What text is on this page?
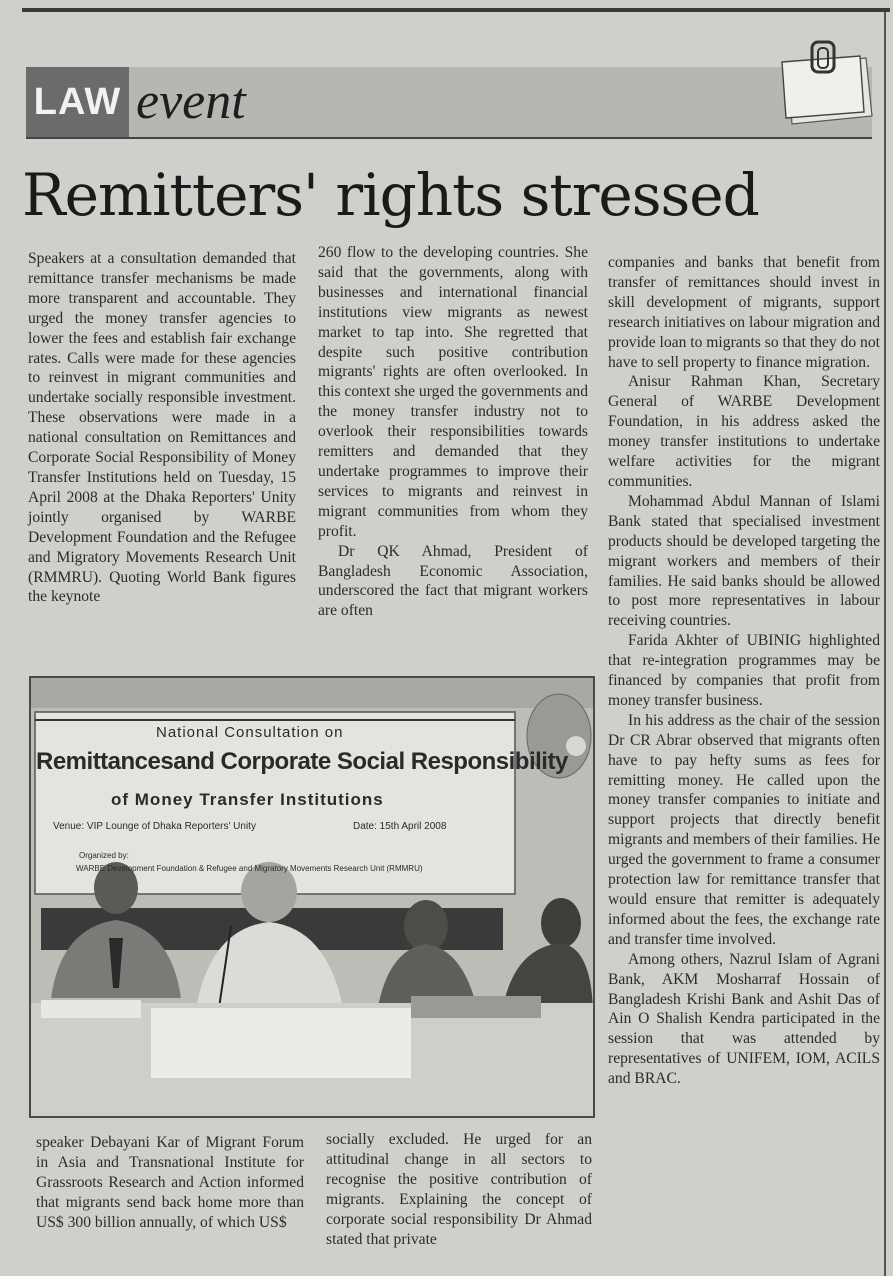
LAW event
Remitters' rights stressed

Speakers at a consultation demanded that remittance transfer mechanisms be made more transparent and accountable. They urged the money transfer agencies to lower the fees and establish fair exchange rates. Calls were made for these agencies to reinvest in migrant communities and undertake socially responsible investment. These observations were made in a national consultation on Remittances and Corporate Social Responsibility of Money Transfer Institutions held on Tuesday, 15 April 2008 at the Dhaka Reporters' Unity jointly organised by WARBE Development Foundation and the Refugee and Migratory Movements Research Unit (RMMRU). Quoting World Bank figures the keynote

260 flow to the developing countries. She said that the governments, along with businesses and international financial institutions view migrants as newest market to tap into. She regretted that despite such positive contribution migrants' rights are often overlooked. In this context she urged the governments and the money transfer industry not to overlook their responsibilities towards remitters and demanded that they undertake programmes to improve their services to migrants and reinvest in migrant communities from whom they profit.

Dr QK Ahmad, President of Bangladesh Economic Association, underscored the fact that migrant workers are often

companies and banks that benefit from transfer of remittances should invest in skill development of migrants, support research initiatives on labour migration and provide loan to migrants so that they do not have to sell property to finance migration.

Anisur Rahman Khan, Secretary General of WARBE Development Foundation, in his address asked the money transfer institutions to undertake welfare activities for the migrant communities.

Mohammad Abdul Mannan of Islami Bank stated that specialised investment products should be developed targeting the migrant workers and members of their families. He said banks should be allowed to post more representatives in labour receiving countries.

Farida Akhter of UBINIG highlighted that re-integration programmes may be financed by companies that profit from money transfer business.

In his address as the chair of the session Dr CR Abrar observed that migrants often have to pay hefty sums as fees for remitting money. He called upon the money transfer companies to initiate and support projects that directly benefit migrants and members of their families. He urged the government to frame a consumer protection law for remittance transfer that would ensure that remitter is adequately informed about the fees, the exchange rate and transfer time involved.

Among others, Nazrul Islam of Agrani Bank, AKM Mosharraf Hossain of Bangladesh Krishi Bank and Ashit Das of Ain O Shalish Kendra participated in the session that was attended by representatives of UNIFEM, IOM, ACILS and BRAC.

National Consultation on
Remittancesand Corporate Social Responsibility
of Money Transfer Institutions
Venue: VIP Lounge of Dhaka Reporters' Unity	Date: 15th April 2008
Organized by:
WARBE Development Foundation & Refugee and Migratory Movements Research Unit (RMMRU)

speaker Debayani Kar of Migrant Forum in Asia and Transnational Institute for Grassroots Research and Action informed that migrants send back home more than US$ 300 billion annually, of which US$

socially excluded. He urged for an attitudinal change in all sectors to recognise the positive contribution of migrants. Explaining the concept of corporate social responsibility Dr Ahmad stated that private
